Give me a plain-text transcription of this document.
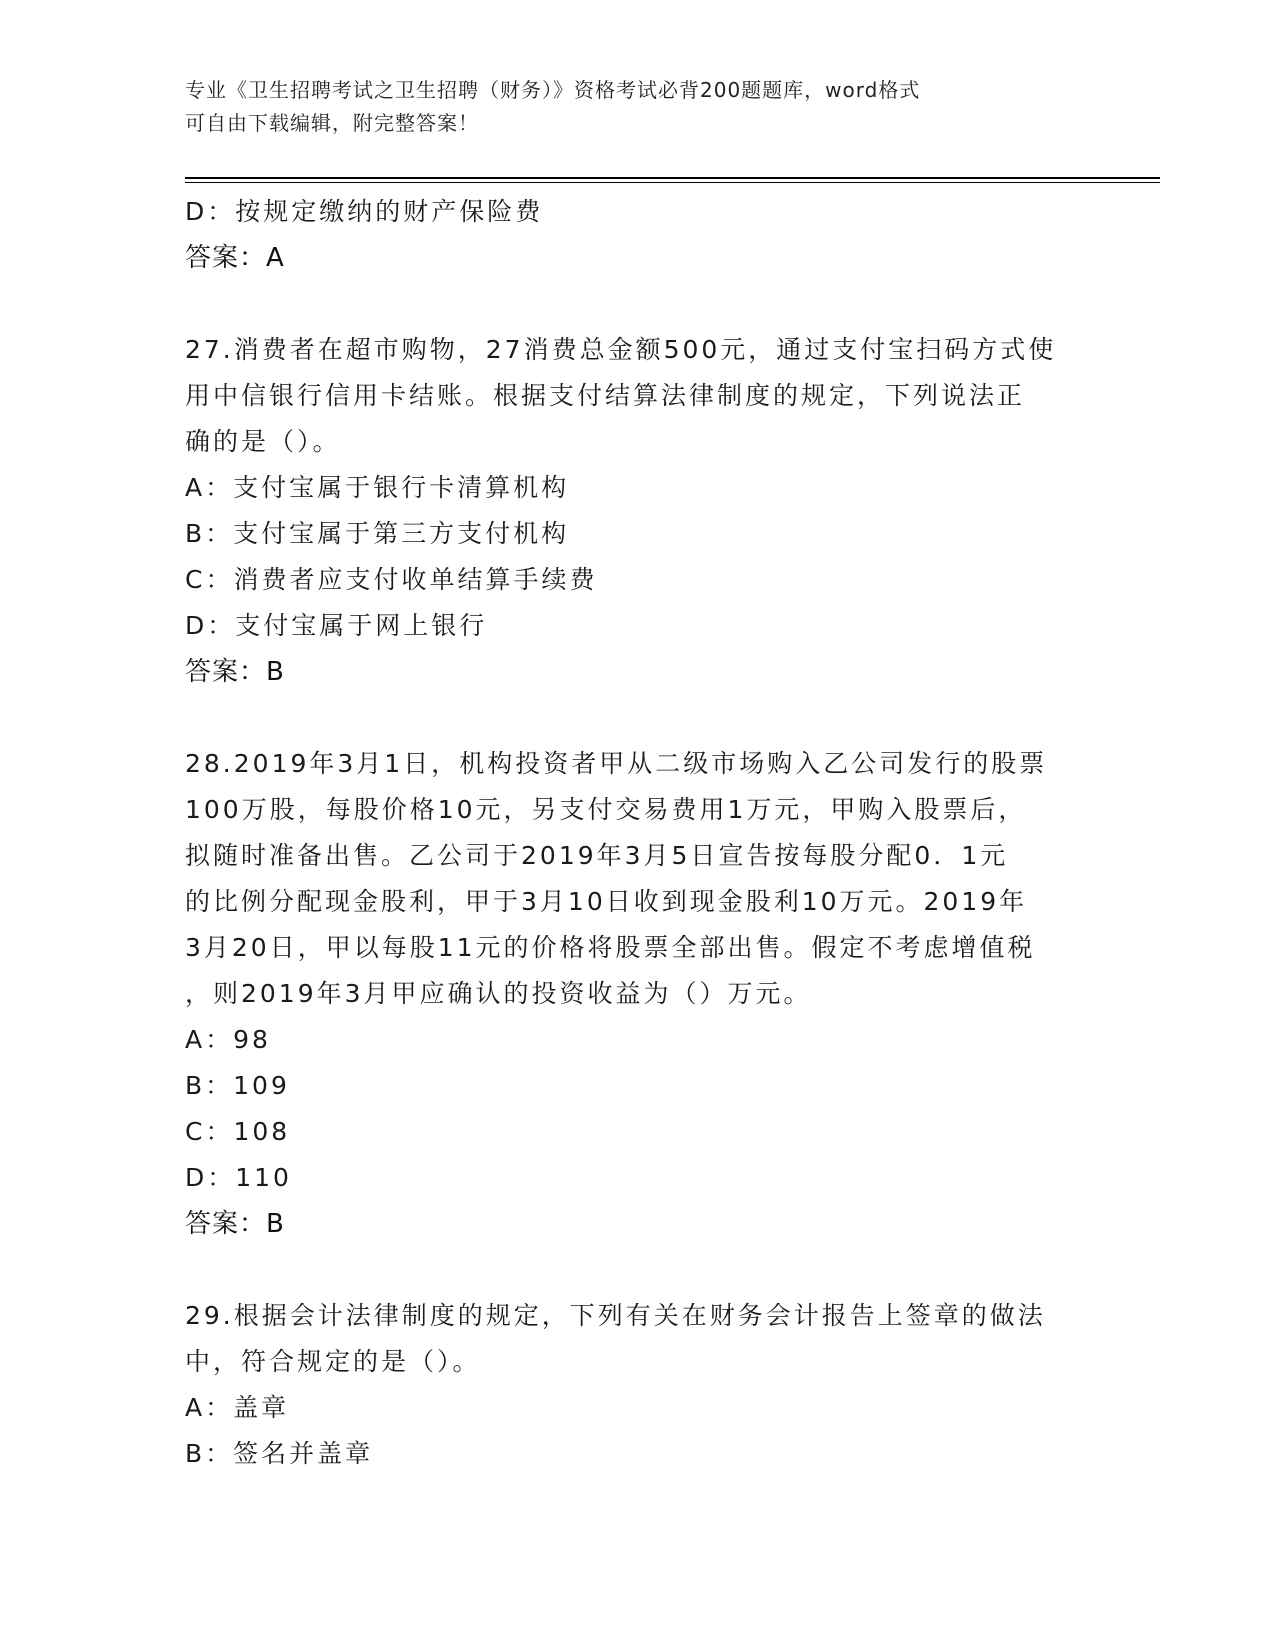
专业《卫生招聘考试之卫生招聘（财务）》资格考试必背200题题库，word格式
可自由下载编辑，附完整答案！
D：按规定缴纳的财产保险费
答案：A
27.消费者在超市购物，27消费总金额500元，通过支付宝扫码方式使
用中信银行信用卡结账。根据支付结算法律制度的规定，下列说法正
确的是（）。
A：支付宝属于银行卡清算机构
B：支付宝属于第三方支付机构
C：消费者应支付收单结算手续费
D：支付宝属于网上银行
答案：B
28.2019年3月1日，机构投资者甲从二级市场购入乙公司发行的股票
100万股，每股价格10元，另支付交易费用1万元，甲购入股票后，
拟随时准备出售。乙公司于2019年3月5日宣告按每股分配0．1元
的比例分配现金股利，甲于3月10日收到现金股利10万元。2019年
3月20日，甲以每股11元的价格将股票全部出售。假定不考虑增值税
，则2019年3月甲应确认的投资收益为（）万元。
A：98
B：109
C：108
D：110
答案：B
29.根据会计法律制度的规定，下列有关在财务会计报告上签章的做法
中，符合规定的是（）。
A：盖章
B：签名并盖章
